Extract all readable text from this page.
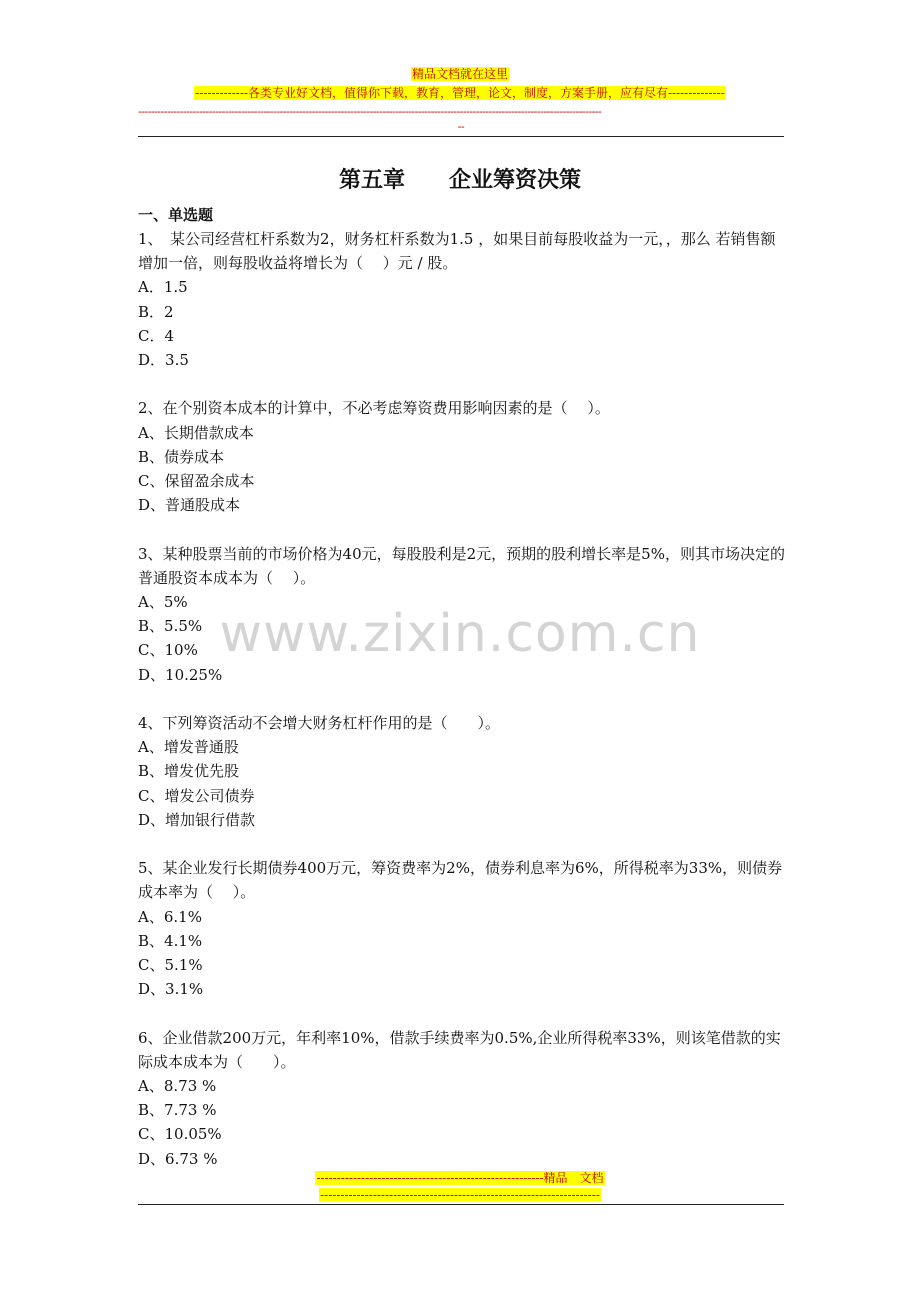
精品文档就在这里
-------------各类专业好文档，值得你下载，教育，管理，论文，制度，方案手册，应有尽有--------------
------------------------------------------------------------------------------------------------------------------------------------------------
--
第五章　　企业筹资决策
一、单选题
www.zixin.com.cn

1、　某公司经营杠杆系数为2，财务杠杆系数为1.5 ，如果目前每股收益为一元，，那么 若销售额增加一倍，则每股收益将增长为（　 ）元 / 股。

A．1.5

B．2

C．4

D．3.5

2、在个别资本成本的计算中，不必考虑筹资费用影响因素的是（　 ）。

A、长期借款成本

B、债券成本

C、保留盈余成本

D、普通股成本

3、某种股票当前的市场价格为40元，每股股利是2元，预期的股利增长率是5%，则其市场决定的普通股资本成本为（　 ）。

A、5%

B、5.5%

C、10%

D、10.25%

4、下列筹资活动不会增大财务杠杆作用的是（　　）。

A、增发普通股

B、增发优先股

C、增发公司债券

D、增加银行借款

5、某企业发行长期债券400万元，筹资费率为2%，债券利息率为6%，所得税率为33%，则债券成本率为（　 ）。

A、6.1%

B、4.1%

C、5.1%

D、3.1%

6、企业借款200万元，年利率10%，借款手续费率为0.5%,企业所得税率33%，则该笔借款的实际成本成本为（　　）。

A、8.73 %

B、7.73 %

C、10.05%

D、6.73 %

--------------------------------------------------------精品　文档
---------------------------------------------------------------------
